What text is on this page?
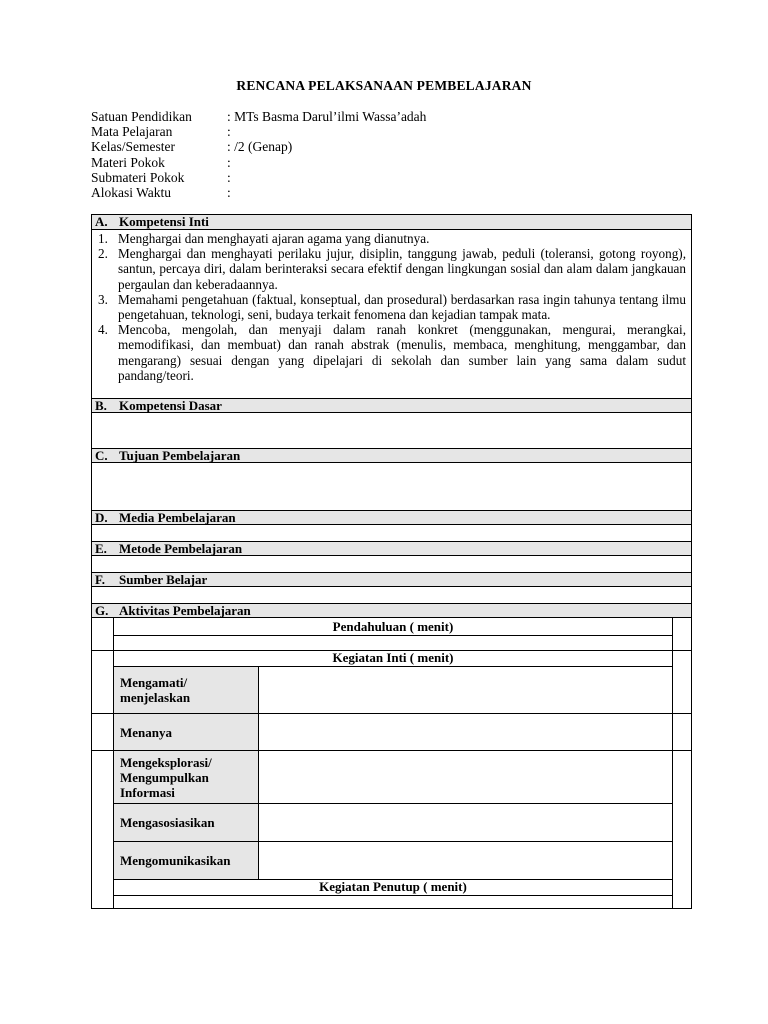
RENCANA PELAKSANAAN PEMBELAJARAN
Satuan Pendidikan	: MTs Basma Darul’ilmi Wassa’adah
Mata Pelajaran	:
Kelas/Semester	: /2 (Genap)
Materi Pokok	:
Submateri Pokok	:
Alokasi Waktu	:
A. Kompetensi Inti
1. Menghargai dan menghayati ajaran agama yang dianutnya.
2. Menghargai dan menghayati perilaku jujur, disiplin, tanggung jawab, peduli (toleransi, gotong royong), santun, percaya diri, dalam berinteraksi secara efektif dengan lingkungan sosial dan alam dalam jangkauan pergaulan dan keberadaannya.
3. Memahami pengetahuan (faktual, konseptual, dan prosedural) berdasarkan rasa ingin tahunya tentang ilmu pengetahuan, teknologi, seni, budaya terkait fenomena dan kejadian tampak mata.
4. Mencoba, mengolah, dan menyaji dalam ranah konkret (menggunakan, mengurai, merangkai, memodifikasi, dan membuat) dan ranah abstrak (menulis, membaca, menghitung, menggambar, dan mengarang) sesuai dengan yang dipelajari di sekolah dan sumber lain yang sama dalam sudut pandang/teori.
B. Kompetensi Dasar
C. Tujuan Pembelajaran
D. Media Pembelajaran
E. Metode Pembelajaran
F. Sumber Belajar
G. Aktivitas Pembelajaran
Pendahuluan ( menit)
Kegiatan Inti ( menit)
Mengamati/ menjelaskan
Menanya
Mengeksplorasi/ Mengumpulkan Informasi
Mengasosiasikan
Mengomunikasikan
Kegiatan Penutup ( menit)
